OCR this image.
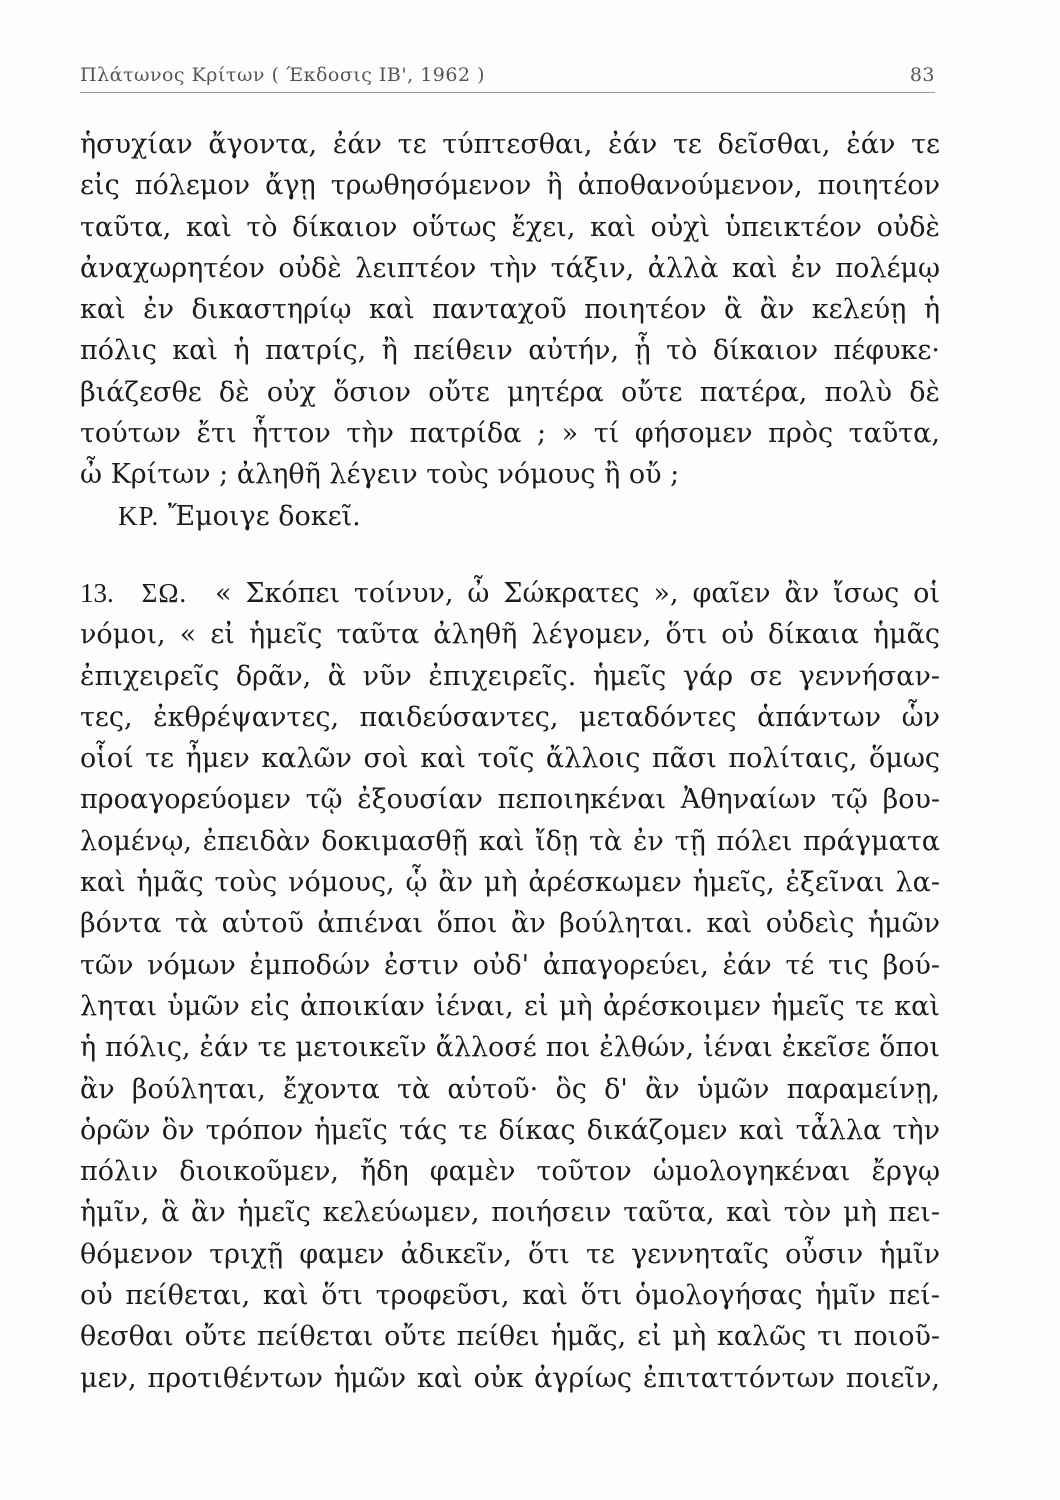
Πλάτωνος Κρίτων ( Έκδοσις ΙΒ', 1962 )	83
ἡσυχίαν ἄγοντα, ἐάν τε τύπτεσθαι, ἐάν τε δεῖσθαι, ἐάν τε
εἰς πόλεμον ἄγῃ τρωθησόμενον ἢ ἀποθανούμενον, ποιητέον
ταῦτα, καὶ τὸ δίκαιον οὕτως ἔχει, καὶ οὐχὶ ὑπεικτέον οὐδὲ
ἀναχωρητέον οὐδὲ λειπτέον τὴν τάξιν, ἀλλὰ καὶ ἐν πολέμῳ
καὶ ἐν δικαστηρίῳ καὶ πανταχοῦ ποιητέον ἃ ἂν κελεύῃ ἡ
πόλις καὶ ἡ πατρίς, ἢ πείθειν αὐτήν, ᾗ τὸ δίκαιον πέφυκε·
βιάζεσθε δὲ οὐχ ὅσιον οὔτε μητέρα οὔτε πατέρα, πολὺ δὲ
τούτων ἔτι ἧττον τὴν πατρίδα ; » τί φήσομεν πρὸς ταῦτα,
ὦ Κρίτων ; ἀληθῆ λέγειν τοὺς νόμους ἢ οὔ ;
ΚΡ. Ἔμοιγε δοκεῖ.
13. ΣΩ. « Σκόπει τοίνυν, ὦ Σώκρατες », φαῖεν ἂν ἴσως οἱ
νόμοι, « εἰ ἡμεῖς ταῦτα ἀληθῆ λέγομεν, ὅτι οὐ δίκαια ἡμᾶς
ἐπιχειρεῖς δρᾶν, ἃ νῦν ἐπιχειρεῖς. ἡμεῖς γάρ σε γεννήσαν-
τες, ἐκθρέψαντες, παιδεύσαντες, μεταδόντες ἁπάντων ὧν
οἷοί τε ἦμεν καλῶν σοὶ καὶ τοῖς ἄλλοις πᾶσι πολίταις, ὅμως
προαγορεύομεν τῷ ἐξουσίαν πεποιηκέναι Ἀθηναίων τῷ βου-
λομένῳ, ἐπειδὰν δοκιμασθῇ καὶ ἴδῃ τὰ ἐν τῇ πόλει πράγματα
καὶ ἡμᾶς τοὺς νόμους, ᾧ ἂν μὴ ἀρέσκωμεν ἡμεῖς, ἐξεῖναι λα-
βόντα τὰ αὑτοῦ ἀπιέναι ὅποι ἂν βούληται. καὶ οὐδεὶς ἡμῶν
τῶν νόμων ἐμποδών ἐστιν οὐδ' ἀπαγορεύει, ἐάν τέ τις βού-
ληται ὑμῶν εἰς ἀποικίαν ἰέναι, εἰ μὴ ἀρέσκοιμεν ἡμεῖς τε καὶ
ἡ πόλις, ἐάν τε μετοικεῖν ἄλλοσέ ποι ἐλθών, ἰέναι ἐκεῖσε ὅποι
ἂν βούληται, ἔχοντα τὰ αὑτοῦ· ὃς δ' ἂν ὑμῶν παραμείνῃ,
ὁρῶν ὃν τρόπον ἡμεῖς τάς τε δίκας δικάζομεν καὶ τἆλλα τὴν
πόλιν διοικοῦμεν, ἤδη φαμὲν τοῦτον ὡμολογηκέναι ἔργῳ
ἡμῖν, ἃ ἂν ἡμεῖς κελεύωμεν, ποιήσειν ταῦτα, καὶ τὸν μὴ πει-
θόμενον τριχῇ φαμεν ἀδικεῖν, ὅτι τε γεννηταῖς οὖσιν ἡμῖν
οὐ πείθεται, καὶ ὅτι τροφεῦσι, καὶ ὅτι ὁμολογήσας ἡμῖν πεί-
θεσθαι οὔτε πείθεται οὔτε πείθει ἡμᾶς, εἰ μὴ καλῶς τι ποιοῦ-
μεν, προτιθέντων ἡμῶν καὶ οὐκ ἀγρίως ἐπιταττόντων ποιεῖν,
